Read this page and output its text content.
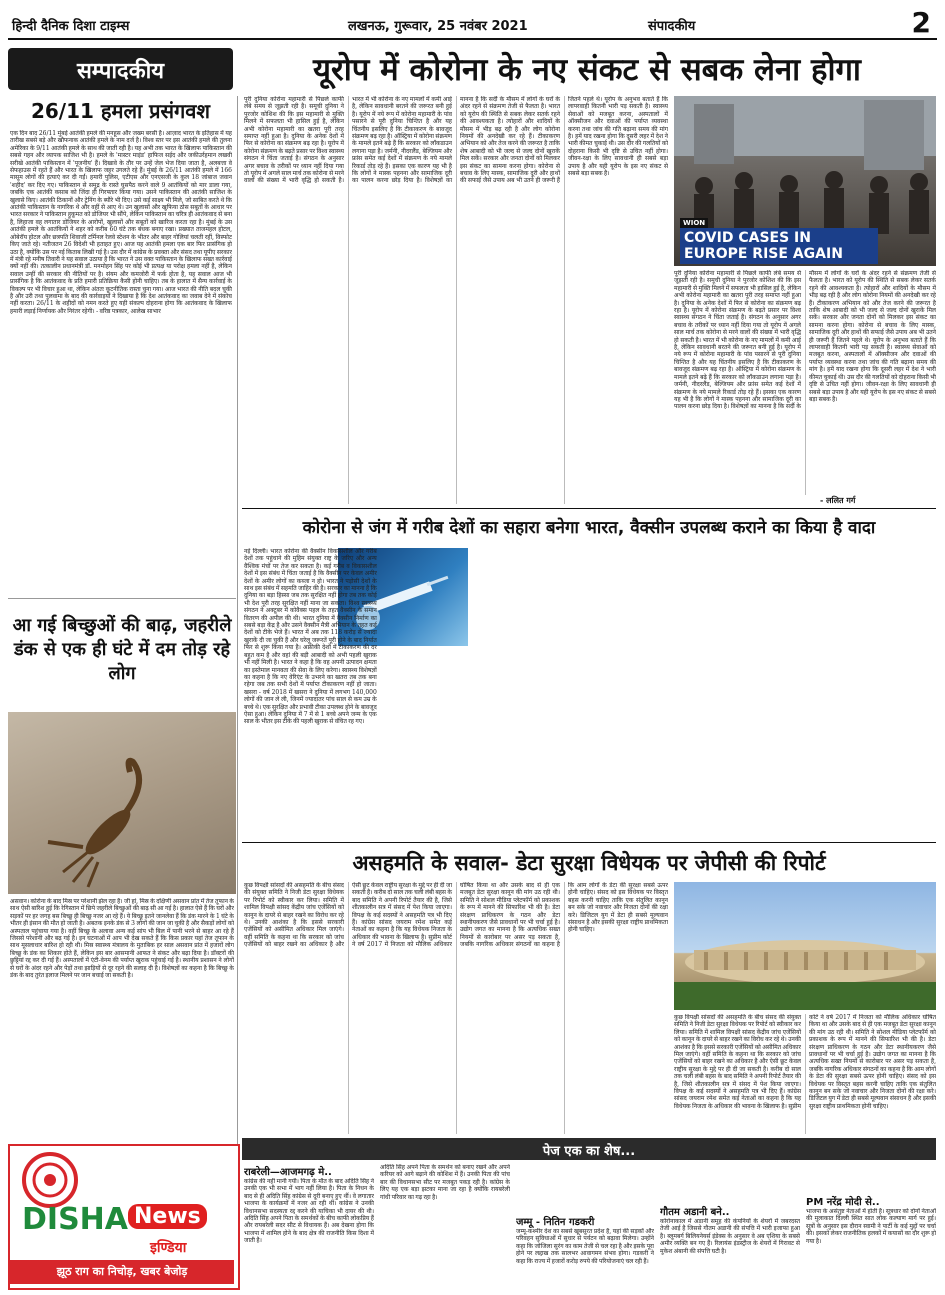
हिन्दी दैनिक दिशा टाइम्स	लखनऊ, गुरूवार, 25 नवंबर 2021	संपादकीय	2
सम्पादकीय	यूरोप में कोरोना के नए संकट से सबक लेना होगा
26/11 हमला प्रसंगवश
एक दिन बाद 26/11 मुंबई आतंकी हमले की मनहूस और जख्म बरसी है। आज़ाद भारत के इतिहास में यह तारीख सबसे बड़े और खौफनाक आतंकी हमले के नाम दर्ज है। विश्व स्तर पर इस आतंकी हमले की तुलना अमेरिका के 9/11 आतंकी हमले के साथ की जाती रही है। यह अभी तक भारत के खिलाफ पाकिस्तान की सबसे गहन और व्यापक साजिश भी है। हमले के 'मास्टर माइंड' हाफिज सईद और जकीउर्रहमान लखवी सरीखे आतंकी पाकिस्तान में 'पूजनीय' हैं। दिखावे के तौर पर उन्हें जेल भेज दिया जाता है, अलबत्ता वे सेफहाउस में रहते हैं और भारत के खिलाफ जहर उगलते रहे हैं। मुंबई के 26/11 आतंकी हमले में 166 मासूम लोगों की हत्याएं कर दी गईं। हमारी पुलिस, एटीएस और एनएसजी के कुल 18 जांबाज जवान 'शहीद' कर दिए गए। पाकिस्तान से समुद्र के रास्ते घुसपैठ करने वाले 9 आतंकियों को मार डाला गया, जबकि एक आतंकी कसाब को जिंदा ही गिरफ्तार किया गया। उसने पाकिस्तान की आतंकी साजिश के खुलासे किए। आतंकी ठिकानों और ट्रेनिंग के ब्यौरे भी दिए। उसे कई साक्ष्य भी मिले, जो साबित करते थे कि आतंकी पाकिस्तान के नागरिक थे और वहीं से आए थे। उन खुलासों और खुफिया ठोस सबूतों के आधार पर भारत सरकार ने पाकिस्तान हुकूमत को डोजियर भी सौंपे, लेकिन पाकिस्तान का चरित्र ही आतंकवाद से बना है, लिहाजा वह लगातार डोजियर के आरोपों, खुलासों और सबूतों को खारिज करता रहा है। मुंबई के उस आतंकी हमले के आतंकियों ने शहर को करीब 60 घंटे तक बंधक बनाए रखा। प्रख्यात ताजमहल होटल, ओबेरॉय होटल और छत्रपति शिवाजी टर्मिनल रेलवे स्टेशन के भीतर और बाहर गोलियां चलती रहीं, विस्फोट किए जाते रहे। नतीजतन 26 विदेशी भी हताहत हुए। आज यह आतंकी हमला एक बार फिर प्रासंगिक हो उठा है, क्योंकि उस पर नई किताब लिखी गई है। उस दौर में कांग्रेस के प्रवक्ता और संसद तथा यूपीए सरकार में मंत्री रहे मनीष तिवारी ने यह सवाल उठाया है कि भारत ने उस वक्त पाकिस्तान के खिलाफ सख्त कार्रवाई क्यों नहीं की। तत्कालीन प्रधानमंत्री डॉ. मनमोहन सिंह पर कोई भी प्रत्यक्ष या परोक्ष हमला नहीं है, लेकिन सवाल उन्हीं की सरकार की नीतियों पर है। संयम और कमजोरी में फर्क होता है, यह सवाल आज भी प्रासंगिक है कि आतंकवाद के प्रति हमारी प्रतिक्रिया कैसी होनी चाहिए। तब के हालात में सैन्य कार्रवाई के विकल्प पर भी विचार हुआ था, लेकिन अंततः कूटनीतिक रास्ता चुना गया। आज भारत की नीति बदल चुकी है और उरी तथा पुलवामा के बाद की कार्रवाइयों ने दिखाया है कि देश आतंकवाद का जवाब देने में संकोच नहीं करता। 26/11 के शहीदों को नमन करते हुए यही संकल्प दोहराना होगा कि आतंकवाद के खिलाफ हमारी लड़ाई निर्णायक और निरंतर रहेगी। - वरिष्ठ पत्रकार, आलेख साभार
पूरी दुनिया कोरोना महामारी से पिछले काफी लंबे समय से जूझती रही है। समूची दुनिया ने पुरजोर कोशिश की कि इस महामारी से मुक्ति मिलने में सफलता भी हासिल हुई है, लेकिन अभी कोरोना महामारी का खतरा पूरी तरह समाप्त नहीं हुआ है। दुनिया के अनेक देशों में फिर से कोरोना का संक्रमण बढ़ रहा है। यूरोप में कोरोना संक्रमण के बढ़ते प्रसार पर विश्व स्वास्थ्य संगठन ने चिंता जताई है। संगठन के अनुसार अगर बचाव के तरीकों पर ध्यान नहीं दिया गया तो यूरोप में अगले साल मार्च तक कोरोना से मरने वालों की संख्या में भारी वृद्धि हो सकती है। भारत में भी कोरोना के नए मामलों में कमी आई है, लेकिन सावधानी बरतने की जरूरत बनी हुई है। यूरोप में नये रूप में कोरोना महामारी के पांव पसारने से पूरी दुनिया चिन्तित है और यह चिंतनीय इसलिए है कि टीकाकरण के बावजूद संक्रमण बढ़ रहा है। ऑस्ट्रिया में कोरोना संक्रमण के मामले इतने बढ़े हैं कि सरकार को लॉकडाउन लगाना पड़ा है। जर्मनी, नीदरलैंड, बेल्जियम और फ्रांस समेत कई देशों में संक्रमण के नये मामले रिकार्ड तोड़ रहे हैं। इसका एक कारण यह भी है कि लोगों ने मास्क पहनना और सामाजिक दूरी का पालन करना छोड़ दिया है। विशेषज्ञों का मानना है कि सर्दी के मौसम में लोगों के घरों के अंदर रहने से संक्रमण तेजी से फैलता है। भारत को यूरोप की स्थिति से सबक लेकर सतर्क रहने की आवश्यकता है। त्योहारों और शादियों के मौसम में भीड़ बढ़ रही है और लोग कोरोना नियमों की अनदेखी कर रहे हैं। टीकाकरण अभियान को और तेज करने की जरूरत है ताकि शेष आबादी को भी जल्द से जल्द दोनों खुराकें मिल सकें। सरकार और जनता दोनों को मिलकर इस संकट का सामना करना होगा। कोरोना से बचाव के लिए मास्क, सामाजिक दूरी और हाथों की सफाई जैसे उपाय अब भी उतने ही जरूरी हैं जितने पहले थे। यूरोप के अनुभव बताते हैं कि लापरवाही कितनी भारी पड़ सकती है। स्वास्थ्य सेवाओं को मजबूत करना, अस्पतालों में ऑक्सीजन और दवाओं की पर्याप्त व्यवस्था करना तथा जांच की गति बढ़ाना समय की मांग है। हमें याद रखना होगा कि दूसरी लहर में देश ने भारी कीमत चुकाई थी। उस दौर की गलतियों को दोहराना किसी भी दृष्टि से उचित नहीं होगा। जीवन-रक्षा के लिए सावधानी ही सबसे बड़ा उपाय है और यही यूरोप के इस नए संकट से सबसे बड़ा सबक है।
WION
COVID CASES IN EUROPE RISE AGAIN
पूरी दुनिया कोरोना महामारी से पिछले काफी लंबे समय से जूझती रही है। समूची दुनिया ने पुरजोर कोशिश की कि इस महामारी से मुक्ति मिलने में सफलता भी हासिल हुई है, लेकिन अभी कोरोना महामारी का खतरा पूरी तरह समाप्त नहीं हुआ है। दुनिया के अनेक देशों में फिर से कोरोना का संक्रमण बढ़ रहा है। यूरोप में कोरोना संक्रमण के बढ़ते प्रसार पर विश्व स्वास्थ्य संगठन ने चिंता जताई है। संगठन के अनुसार अगर बचाव के तरीकों पर ध्यान नहीं दिया गया तो यूरोप में अगले साल मार्च तक कोरोना से मरने वालों की संख्या में भारी वृद्धि हो सकती है। भारत में भी कोरोना के नए मामलों में कमी आई है, लेकिन सावधानी बरतने की जरूरत बनी हुई है। यूरोप में नये रूप में कोरोना महामारी के पांव पसारने से पूरी दुनिया चिन्तित है और यह चिंतनीय इसलिए है कि टीकाकरण के बावजूद संक्रमण बढ़ रहा है। ऑस्ट्रिया में कोरोना संक्रमण के मामले इतने बढ़े हैं कि सरकार को लॉकडाउन लगाना पड़ा है। जर्मनी, नीदरलैंड, बेल्जियम और फ्रांस समेत कई देशों में संक्रमण के नये मामले रिकार्ड तोड़ रहे हैं। इसका एक कारण यह भी है कि लोगों ने मास्क पहनना और सामाजिक दूरी का पालन करना छोड़ दिया है। विशेषज्ञों का मानना है कि सर्दी के मौसम में लोगों के घरों के अंदर रहने से संक्रमण तेजी से फैलता है। भारत को यूरोप की स्थिति से सबक लेकर सतर्क रहने की आवश्यकता है। त्योहारों और शादियों के मौसम में भीड़ बढ़ रही है और लोग कोरोना नियमों की अनदेखी कर रहे हैं। टीकाकरण अभियान को और तेज करने की जरूरत है ताकि शेष आबादी को भी जल्द से जल्द दोनों खुराकें मिल सकें। सरकार और जनता दोनों को मिलकर इस संकट का सामना करना होगा। कोरोना से बचाव के लिए मास्क, सामाजिक दूरी और हाथों की सफाई जैसे उपाय अब भी उतने ही जरूरी हैं जितने पहले थे। यूरोप के अनुभव बताते हैं कि लापरवाही कितनी भारी पड़ सकती है। स्वास्थ्य सेवाओं को मजबूत करना, अस्पतालों में ऑक्सीजन और दवाओं की पर्याप्त व्यवस्था करना तथा जांच की गति बढ़ाना समय की मांग है। हमें याद रखना होगा कि दूसरी लहर में देश ने भारी कीमत चुकाई थी। उस दौर की गलतियों को दोहराना किसी भी दृष्टि से उचित नहीं होगा। जीवन-रक्षा के लिए सावधानी ही सबसे बड़ा उपाय है और यही यूरोप के इस नए संकट से सबसे बड़ा सबक है।
- ललित गर्ग
कोरोना से जंग में गरीब देशों का सहारा बनेगा भारत, वैक्सीन उपलब्ध कराने का किया है वादा
नई दिल्ली। भारत कोरोना की वैक्सीन विकासशील और गरीब देशों तक पहुंचाने की मुहिम संयुक्त राष्ट्र के जरिए और अन्य वैश्विक मंचों पर तेज कर सकता है। कई गरीब व विकासशील देशों में इस संबंध में चिंता जताई है कि वैक्सीन पर केवल अमीर देशों के अमीर लोगों का कब्जा न हो। भारत ने पड़ोसी देशों के साथ इस संबंध में सहमति जाहिर की है। सरकार का मानना है कि दुनिया का बड़ा हिस्सा जब तक सुरक्षित नहीं होगा तब तक कोई भी देश पूरी तरह सुरक्षित नहीं माना जा सकता। विश्व स्वास्थ्य संगठन ने अक्टूबर में कोवैक्स पहल के तहत वैक्सीन के समान वितरण की अपील की थी। भारत दुनिया में वैक्सीन निर्माण का सबसे बड़ा केंद्र है और उसने वैक्सीन मैत्री अभियान के तहत कई देशों को टीके भेजे हैं। भारत में अब तक 118 करोड़ से ज्यादा खुराकें दी जा चुकी हैं और घरेलू जरूरतें पूरी होने के बाद निर्यात फिर से शुरू किया गया है। अफ्रीकी देशों में टीकाकरण की दर बहुत कम है और वहां की बड़ी आबादी को अभी पहली खुराक भी नहीं मिली है। भारत ने कहा है कि वह अपनी उत्पादन क्षमता का इस्तेमाल मानवता की सेवा के लिए करेगा। स्वास्थ्य विशेषज्ञों का कहना है कि नए वेरिएंट के उभरने का खतरा तब तक बना रहेगा जब तक सभी देशों में पर्याप्त टीकाकरण नहीं हो जाता। खसरा - वर्ष 2018 में खसरा ने दुनिया में लगभग 140,000 लोगों की जान ले ली, जिनमें ज्यादातर पांच साल से कम उम्र के बच्चे थे। एक सुरक्षित और प्रभावी टीका उपलब्ध होने के बावजूद ऐसा हुआ। लेकिन दुनिया में 7 में से 1 बच्चे अपने जन्म के एक साल के भीतर इस टीके की पहली खुराक से वंचित रह गए।
आ गई बिच्छुओं की बाढ़, जहरीले डंक से एक ही घंटे में दम तोड़ रहे लोग
असवान। कोरोना के बाद मिस्र पर परेशानी झेल रहा है। जी हां, मिस्र के दक्षिणी असवान प्रांत में तेज तूफान के साथ ऐसी बारिश हुई कि रेगिस्तान में छिपे जहरीले बिच्छुओं की बाढ़ सी आ गई है। हालात ऐसे हैं कि घरों और सड़कों पर हर जगह बस बिच्छू ही बिच्छू नजर आ रहे हैं। ये बिच्छू इतने जानलेवा हैं कि डंक मारने के 1 घंटे के भीतर ही इंसान की मौत हो जाती है। अबतक इनके डंक से 3 लोगों की जान जा चुकी है और सैकड़ों लोगों को अस्पताल पहुंचाया गया है। वहीं बिच्छू के अलावा अन्य कई सांप भी बिल में पानी भरने से बाहर आ रहे हैं जिससे परेशानी और बढ़ गई है। इन घटनाओं में आप भी देख सकते हैं कि किस प्रकार यहां तेज तूफान के साथ मूसलाधार बारिश हो रही थी। मिस्र स्वास्थ्य मंत्रालय के मुताबिक हर साल असवान प्रांत में हजारों लोग बिच्छू के डंक का शिकार होते हैं, लेकिन इस बार आसमानी आफत ने संकट और बढ़ा दिया है। डॉक्टरों की छुट्टियां रद्द कर दी गई हैं। अस्पतालों में एंटी-वेनम की पर्याप्त खुराक पहुंचाई गई है। स्थानीय प्रशासन ने लोगों से घरों के अंदर रहने और पेड़ों तथा झाड़ियों से दूर रहने की सलाह दी है। विशेषज्ञों का कहना है कि बिच्छू के डंक के बाद तुरंत इलाज मिलने पर जान बचाई जा सकती है।
असहमति के सवाल- डेटा सुरक्षा विधेयक पर जेपीसी की रिपोर्ट
कुछ विपक्षी सांसदों की असहमति के बीच संसद की संयुक्त समिति ने निजी डेटा सुरक्षा विधेयक पर रिपोर्ट को स्वीकार कर लिया। समिति में शामिल विपक्षी सांसद केंद्रीय जांच एजेंसियों को कानून के दायरे से बाहर रखने का विरोध कर रहे थे। उनकी आशंका है कि इससे सरकारी एजेंसियों को असीमित अधिकार मिल जाएंगे। वहीं समिति के कहना था कि सरकार को जांच एजेंसियों को बाहर रखने का अधिकार है और ऐसी छूट केवल राष्ट्रीय सुरक्षा के मुद्दे पर ही दी जा सकती है। करीब दो साल तक चली लंबी बहस के बाद समिति ने अपनी रिपोर्ट तैयार की है, जिसे शीतकालीन सत्र में संसद में पेश किया जाएगा। विपक्ष के कई सदस्यों ने असहमति पत्र भी दिए हैं। कांग्रेस सांसद जयराम रमेश समेत कई नेताओं का कहना है कि यह विधेयक निजता के अधिकार की भावना के खिलाफ है। सुप्रीम कोर्ट ने वर्ष 2017 में निजता को मौलिक अधिकार घोषित किया था और उसके बाद से ही एक मजबूत डेटा सुरक्षा कानून की मांग उठ रही थी। समिति ने सोशल मीडिया प्लेटफॉर्म को प्रकाशक के रूप में मानने की सिफारिश भी की है। डेटा संरक्षण प्राधिकरण के गठन और डेटा स्थानीयकरण जैसे प्रावधानों पर भी चर्चा हुई है। उद्योग जगत का मानना है कि अत्यधिक सख्त नियमों से कारोबार पर असर पड़ सकता है, जबकि नागरिक अधिकार संगठनों का कहना है कि आम लोगों के डेटा की सुरक्षा सबसे ऊपर होनी चाहिए। संसद को इस विधेयक पर विस्तृत बहस करनी चाहिए ताकि एक संतुलित कानून बन सके जो नवाचार और निजता दोनों की रक्षा करे। डिजिटल युग में डेटा ही सबसे मूल्यवान संसाधन है और इसकी सुरक्षा राष्ट्रीय प्राथमिकता होनी चाहिए।
कुछ विपक्षी सांसदों की असहमति के बीच संसद की संयुक्त समिति ने निजी डेटा सुरक्षा विधेयक पर रिपोर्ट को स्वीकार कर लिया। समिति में शामिल विपक्षी सांसद केंद्रीय जांच एजेंसियों को कानून के दायरे से बाहर रखने का विरोध कर रहे थे। उनकी आशंका है कि इससे सरकारी एजेंसियों को असीमित अधिकार मिल जाएंगे। वहीं समिति के कहना था कि सरकार को जांच एजेंसियों को बाहर रखने का अधिकार है और ऐसी छूट केवल राष्ट्रीय सुरक्षा के मुद्दे पर ही दी जा सकती है। करीब दो साल तक चली लंबी बहस के बाद समिति ने अपनी रिपोर्ट तैयार की है, जिसे शीतकालीन सत्र में संसद में पेश किया जाएगा। विपक्ष के कई सदस्यों ने असहमति पत्र भी दिए हैं। कांग्रेस सांसद जयराम रमेश समेत कई नेताओं का कहना है कि यह विधेयक निजता के अधिकार की भावना के खिलाफ है। सुप्रीम कोर्ट ने वर्ष 2017 में निजता को मौलिक अधिकार घोषित किया था और उसके बाद से ही एक मजबूत डेटा सुरक्षा कानून की मांग उठ रही थी। समिति ने सोशल मीडिया प्लेटफॉर्म को प्रकाशक के रूप में मानने की सिफारिश भी की है। डेटा संरक्षण प्राधिकरण के गठन और डेटा स्थानीयकरण जैसे प्रावधानों पर भी चर्चा हुई है। उद्योग जगत का मानना है कि अत्यधिक सख्त नियमों से कारोबार पर असर पड़ सकता है, जबकि नागरिक अधिकार संगठनों का कहना है कि आम लोगों के डेटा की सुरक्षा सबसे ऊपर होनी चाहिए। संसद को इस विधेयक पर विस्तृत बहस करनी चाहिए ताकि एक संतुलित कानून बन सके जो नवाचार और निजता दोनों की रक्षा करे। डिजिटल युग में डेटा ही सबसे मूल्यवान संसाधन है और इसकी सुरक्षा राष्ट्रीय प्राथमिकता होनी चाहिए।
पेज एक का शेष...
राबरेली—आजमगढ़ मे..
कांग्रेस की नहीं मानी गयी। पिता के मौत के बाद अदिति सिंह ने उनकी एक भी सभा में भाग नहीं लिया है। पिता के निधन के बाद से ही अदिति सिंह कांग्रेस से दूरी बनाए हुए थीं। वे लगातार भाजपा के कार्यक्रमों में नजर आ रही थीं। कांग्रेस ने उनकी विधानसभा सदस्यता रद्द करने की याचिका भी दायर की थी। अदिति सिंह अपने पिता के समर्थकों के बीच काफी लोकप्रिय हैं और रायबरेली सदर सीट से विधायक हैं। अब देखना होगा कि भाजपा में शामिल होने के बाद क्षेत्र की राजनीति किस दिशा में जाती है।
अदिति सिंह अपने पिता के समर्थन को बनाए रखने और अपने करियर को आगे बढ़ाने की कोशिश में हैं। उनकी पिता की पांच बार की विधानसभा सीट पर मजबूत पकड़ रही है। कांग्रेस के लिए यह एक बड़ा झटका माना जा रहा है क्योंकि रायबरेली गांधी परिवार का गढ़ रहा है।
जम्मू - नितिन गडकरी
जम्मू-कश्मीर देश का सबसे खूबसूरत प्रदेश है, यहां की सड़कों और परिवहन सुविधाओं में सुधार से पर्यटन को बढ़ावा मिलेगा। उन्होंने कहा कि जोजिला सुरंग का काम तेजी से चल रहा है और इसके पूरा होने पर लद्दाख तक सालभर आवागमन संभव होगा। गडकरी ने कहा कि राज्य में हजारों करोड़ रुपये की परियोजनाएं चल रही हैं।
गौतम अडानी बने..
कोरोनाकाल में अडानी समूह की कंपनियों के शेयरों में जबरदस्त तेजी आई है जिससे गौतम अडानी की संपत्ति में भारी इजाफा हुआ है। ब्लूमबर्ग बिलियनेयर्स इंडेक्स के अनुसार वे अब एशिया के सबसे अमीर व्यक्ति बन गए हैं। रिलायंस इंडस्ट्रीज के शेयरों में गिरावट से मुकेश अंबानी की संपत्ति घटी है।
PM नरेंद्र मोदी से..
भाजपा के असंतुष्ट नेताओं में होती है। सूत्रधार को दोनों नेताओं की मुलाकात दिल्ली स्थित सात लोक कल्याण मार्ग पर हुई। सूत्रों के अनुसार इस दौरान स्वामी ने पार्टी के कई मुद्दों पर चर्चा की। इसको लेकर राजनीतिक हलकों में कयासों का दौर शुरू हो गया है।
DISHA News
इण्डिया
झूठ राग का निचोड़, खबर बेजोड़
